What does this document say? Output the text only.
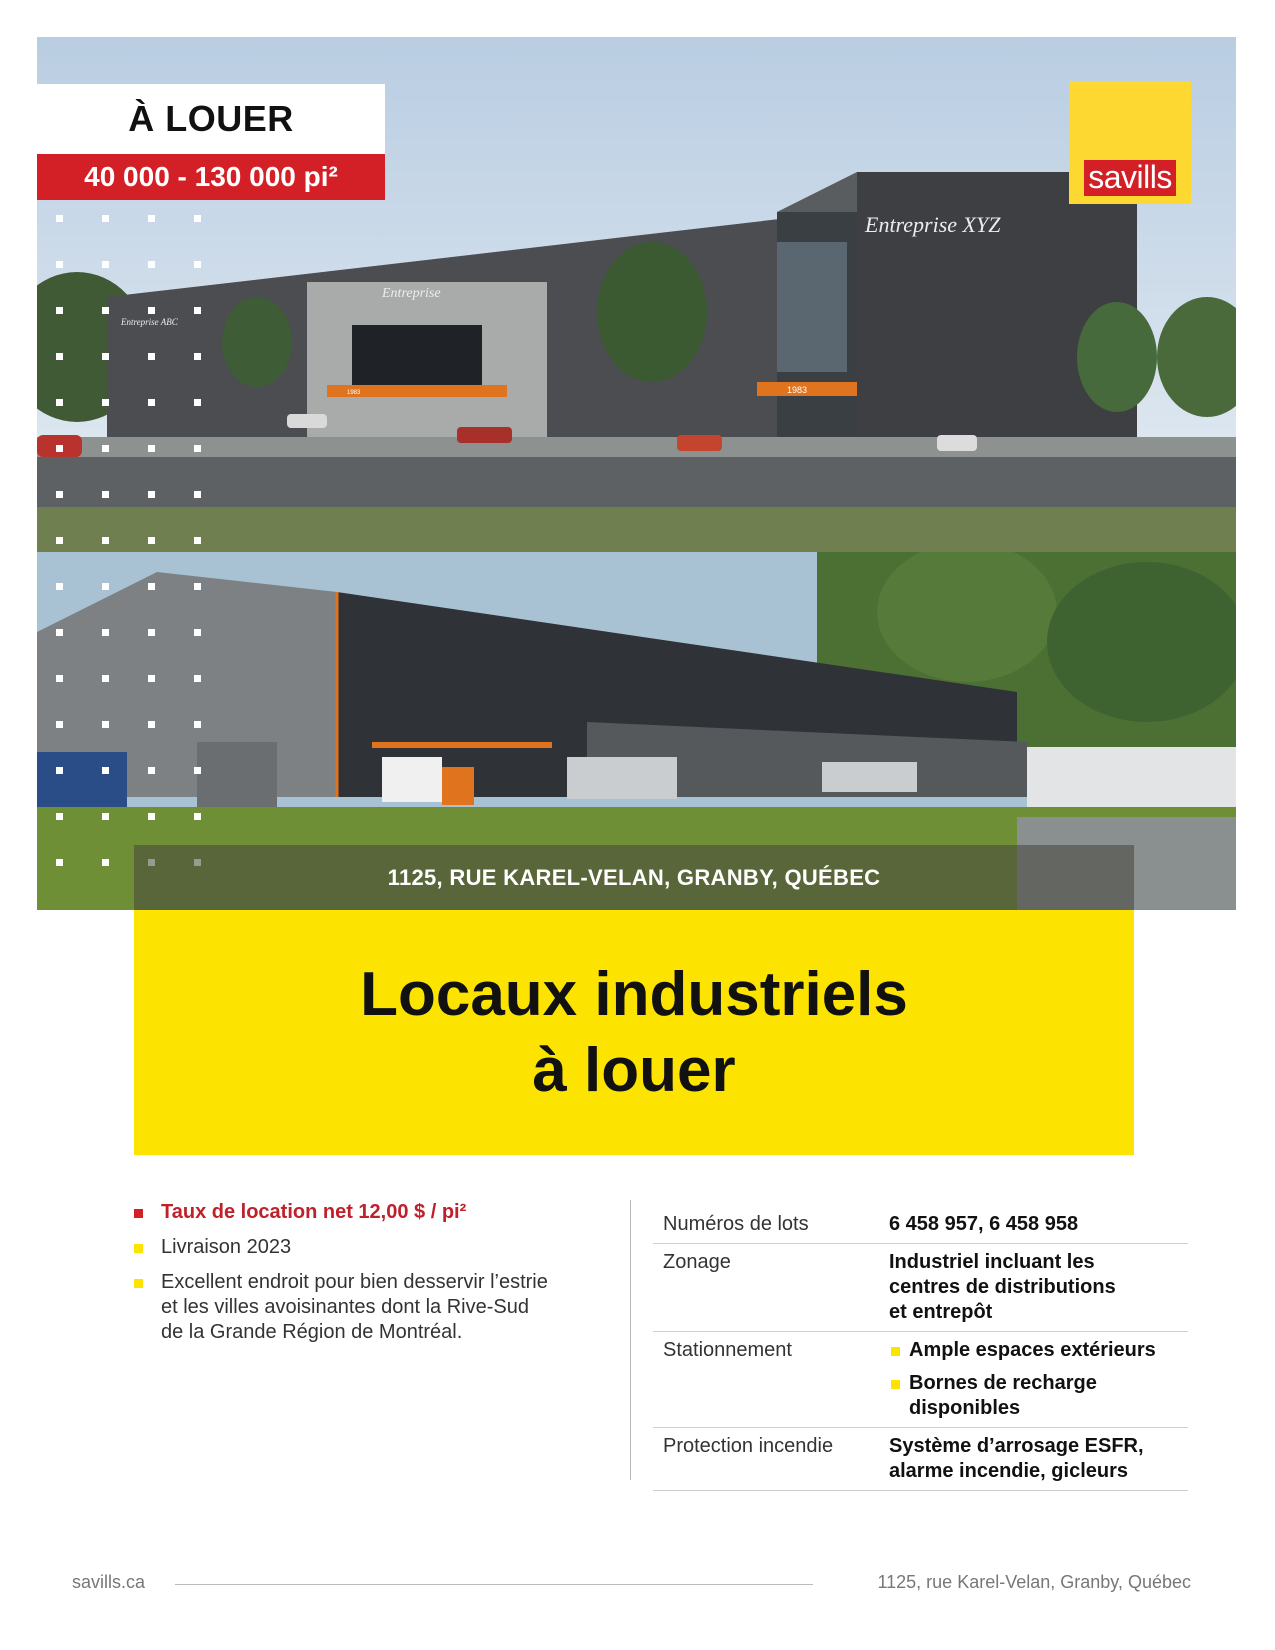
Entreprise XYZ
Entreprise
Entreprise ABC
1983
1983
À LOUER
40 000 - 130 000 pi²	savills
1125, RUE KAREL-VELAN, GRANBY, QUÉBEC
Locaux industriels
à louer
Taux de location net 12,00 $ / pi²
Livraison 2023
Excellent endroit pour bien desservir l’estrie et les villes avoisinantes dont la Rive-Sud de la Grande Région de Montréal.
Numéros de lots	6 458 957, 6 458 958
Zonage	Industriel incluant les centres de distributions et entrepôt
Stationnement	Ample espaces extérieurs
Bornes de recharge disponibles
Protection incendie	Système d’arrosage ESFR, alarme incendie, gicleurs
savills.ca	1125, rue Karel-Velan, Granby, Québec
